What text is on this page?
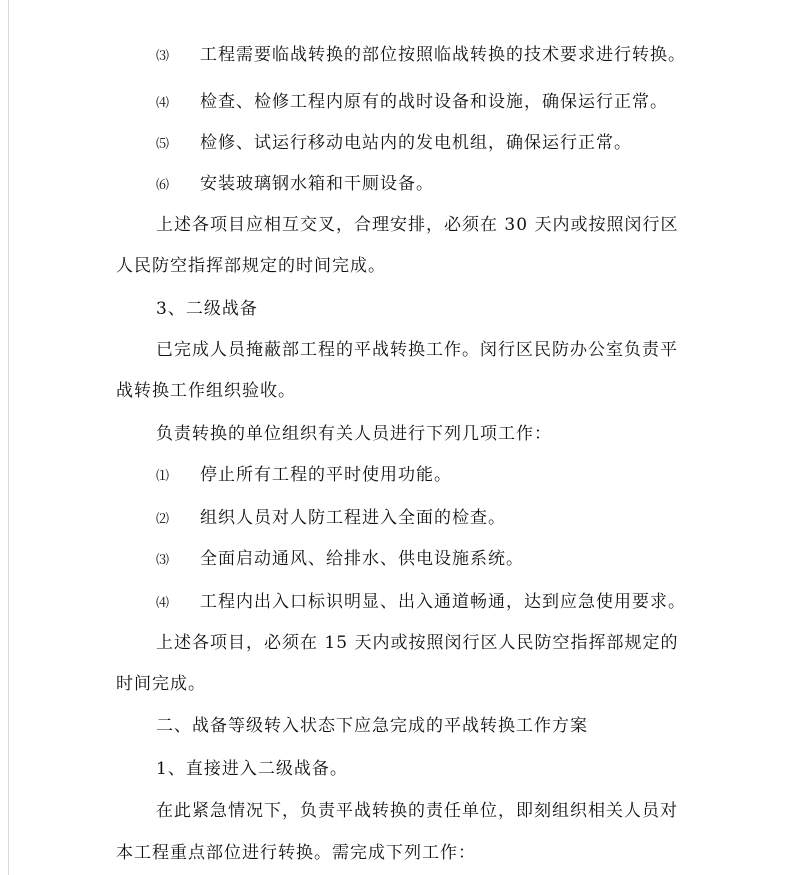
⑶ 工程需要临战转换的部位按照临战转换的技术要求进行转换。
⑷ 检查、检修工程内原有的战时设备和设施，确保运行正常。
⑸ 检修、试运行移动电站内的发电机组，确保运行正常。
⑹ 安装玻璃钢水箱和干厕设备。
上述各项目应相互交叉，合理安排，必须在 30 天内或按照闵行区
人民防空指挥部规定的时间完成。
3、二级战备
已完成人员掩蔽部工程的平战转换工作。闵行区民防办公室负责平
战转换工作组织验收。
负责转换的单位组织有关人员进行下列几项工作：
⑴ 停止所有工程的平时使用功能。
⑵ 组织人员对人防工程进入全面的检查。
⑶ 全面启动通风、给排水、供电设施系统。
⑷ 工程内出入口标识明显、出入通道畅通，达到应急使用要求。
上述各项目，必须在 15 天内或按照闵行区人民防空指挥部规定的
时间完成。
二、战备等级转入状态下应急完成的平战转换工作方案
1、直接进入二级战备。
在此紧急情况下，负责平战转换的责任单位，即刻组织相关人员对
本工程重点部位进行转换。需完成下列工作：
